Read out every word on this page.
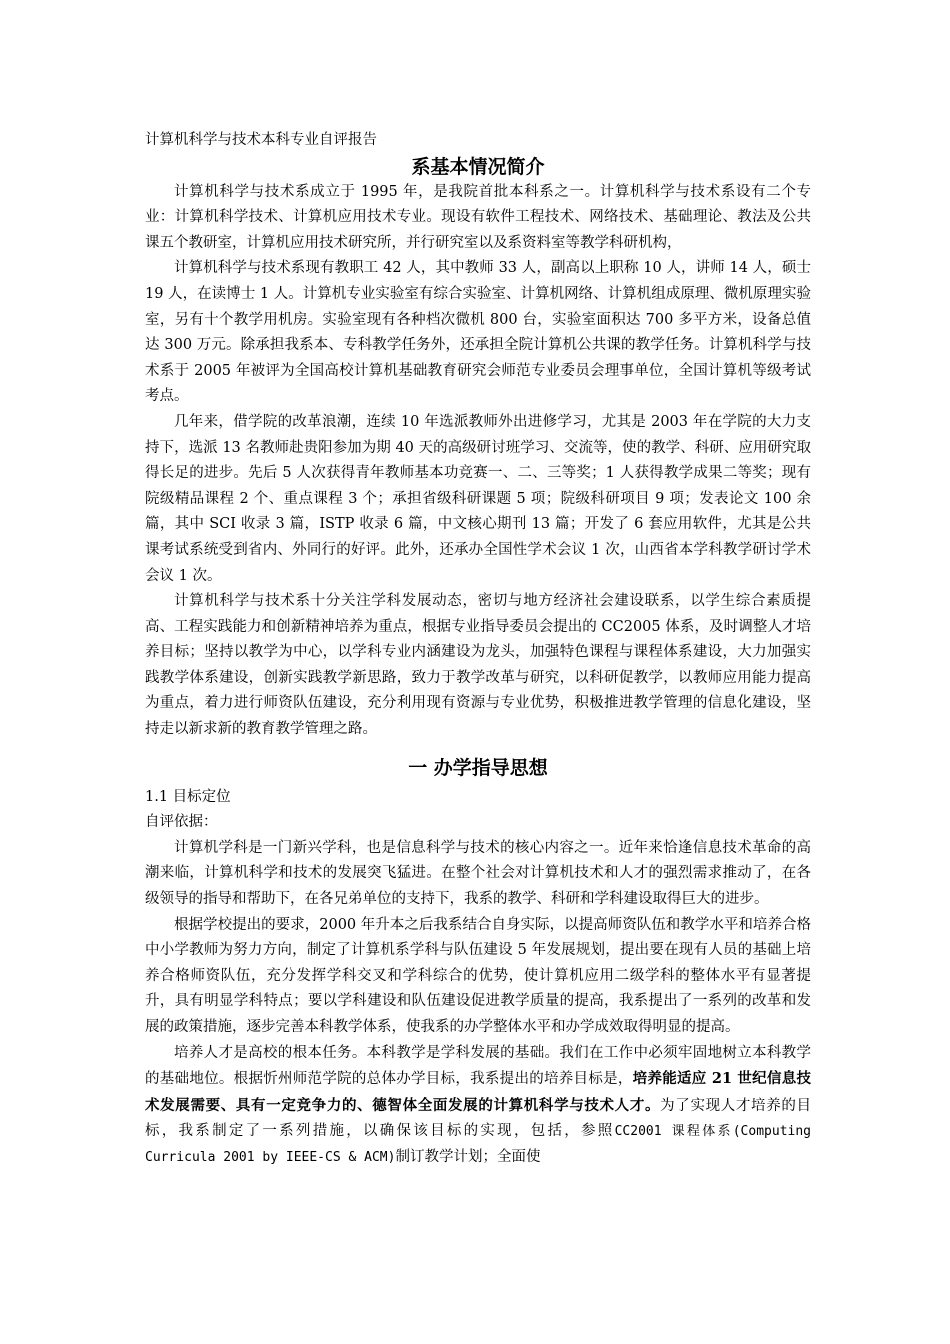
计算机科学与技术本科专业自评报告
系基本情况简介

计算机科学与技术系成立于 1995 年，是我院首批本科系之一。计算机科学与技术系设有二个专业：计算机科学技术、计算机应用技术专业。现设有软件工程技术、网络技术、基础理论、教法及公共课五个教研室，计算机应用技术研究所，并行研究室以及系资料室等教学科研机构，

计算机科学与技术系现有教职工 42 人，其中教师 33 人，副高以上职称 10 人，讲师 14 人，硕士 19 人，在读博士 1 人。计算机专业实验室有综合实验室、计算机网络、计算机组成原理、微机原理实验室，另有十个教学用机房。实验室现有各种档次微机 800 台，实验室面积达 700 多平方米，设备总值达 300 万元。除承担我系本、专科教学任务外，还承担全院计算机公共课的教学任务。计算机科学与技术系于 2005 年被评为全国高校计算机基础教育研究会师范专业委员会理事单位，全国计算机等级考试考点。

几年来，借学院的改革浪潮，连续 10 年选派教师外出进修学习，尤其是 2003 年在学院的大力支持下，选派 13 名教师赴贵阳参加为期 40 天的高级研讨班学习、交流等，使的教学、科研、应用研究取得长足的进步。先后 5 人次获得青年教师基本功竞赛一、二、三等奖；1 人获得教学成果二等奖；现有院级精品课程 2 个、重点课程 3 个；承担省级科研课题 5 项；院级科研项目 9 项；发表论文 100 余篇，其中 SCI 收录 3 篇，ISTP 收录 6 篇，中文核心期刊 13 篇；开发了 6 套应用软件，尤其是公共课考试系统受到省内、外同行的好评。此外，还承办全国性学术会议 1 次，山西省本学科教学研讨学术会议 1 次。

计算机科学与技术系十分关注学科发展动态，密切与地方经济社会建设联系，以学生综合素质提高、工程实践能力和创新精神培养为重点，根据专业指导委员会提出的 CC2005 体系，及时调整人才培养目标；坚持以教学为中心，以学科专业内涵建设为龙头，加强特色课程与课程体系建设，大力加强实践教学体系建设，创新实践教学新思路，致力于教学改革与研究，以科研促教学，以教师应用能力提高为重点，着力进行师资队伍建设，充分利用现有资源与专业优势，积极推进教学管理的信息化建设，坚持走以新求新的教育教学管理之路。

一 办学指导思想

1.1 目标定位

自评依据：

计算机学科是一门新兴学科，也是信息科学与技术的核心内容之一。近年来恰逢信息技术革命的高潮来临，计算机科学和技术的发展突飞猛进。在整个社会对计算机技术和人才的强烈需求推动了，在各级领导的指导和帮助下，在各兄弟单位的支持下，我系的教学、科研和学科建设取得巨大的进步。

根据学校提出的要求，2000 年升本之后我系结合自身实际，以提高师资队伍和教学水平和培养合格中小学教师为努力方向，制定了计算机系学科与队伍建设 5 年发展规划，提出要在现有人员的基础上培养合格师资队伍，充分发挥学科交叉和学科综合的优势，使计算机应用二级学科的整体水平有显著提升，具有明显学科特点；要以学科建设和队伍建设促进教学质量的提高，我系提出了一系列的改革和发展的政策措施，逐步完善本科教学体系，使我系的办学整体水平和办学成效取得明显的提高。

培养人才是高校的根本任务。本科教学是学科发展的基础。我们在工作中必须牢固地树立本科教学的基础地位。根据忻州师范学院的总体办学目标，我系提出的培养目标是，培养能适应 21 世纪信息技术发展需要、具有一定竞争力的、德智体全面发展的计算机科学与技术人才。为了实现人才培养的目标，我系制定了一系列措施，以确保该目标的实现，包括，参照CC2001 课程体系(Computing Curricula 2001 by IEEE-CS & ACM)制订教学计划；全面使
